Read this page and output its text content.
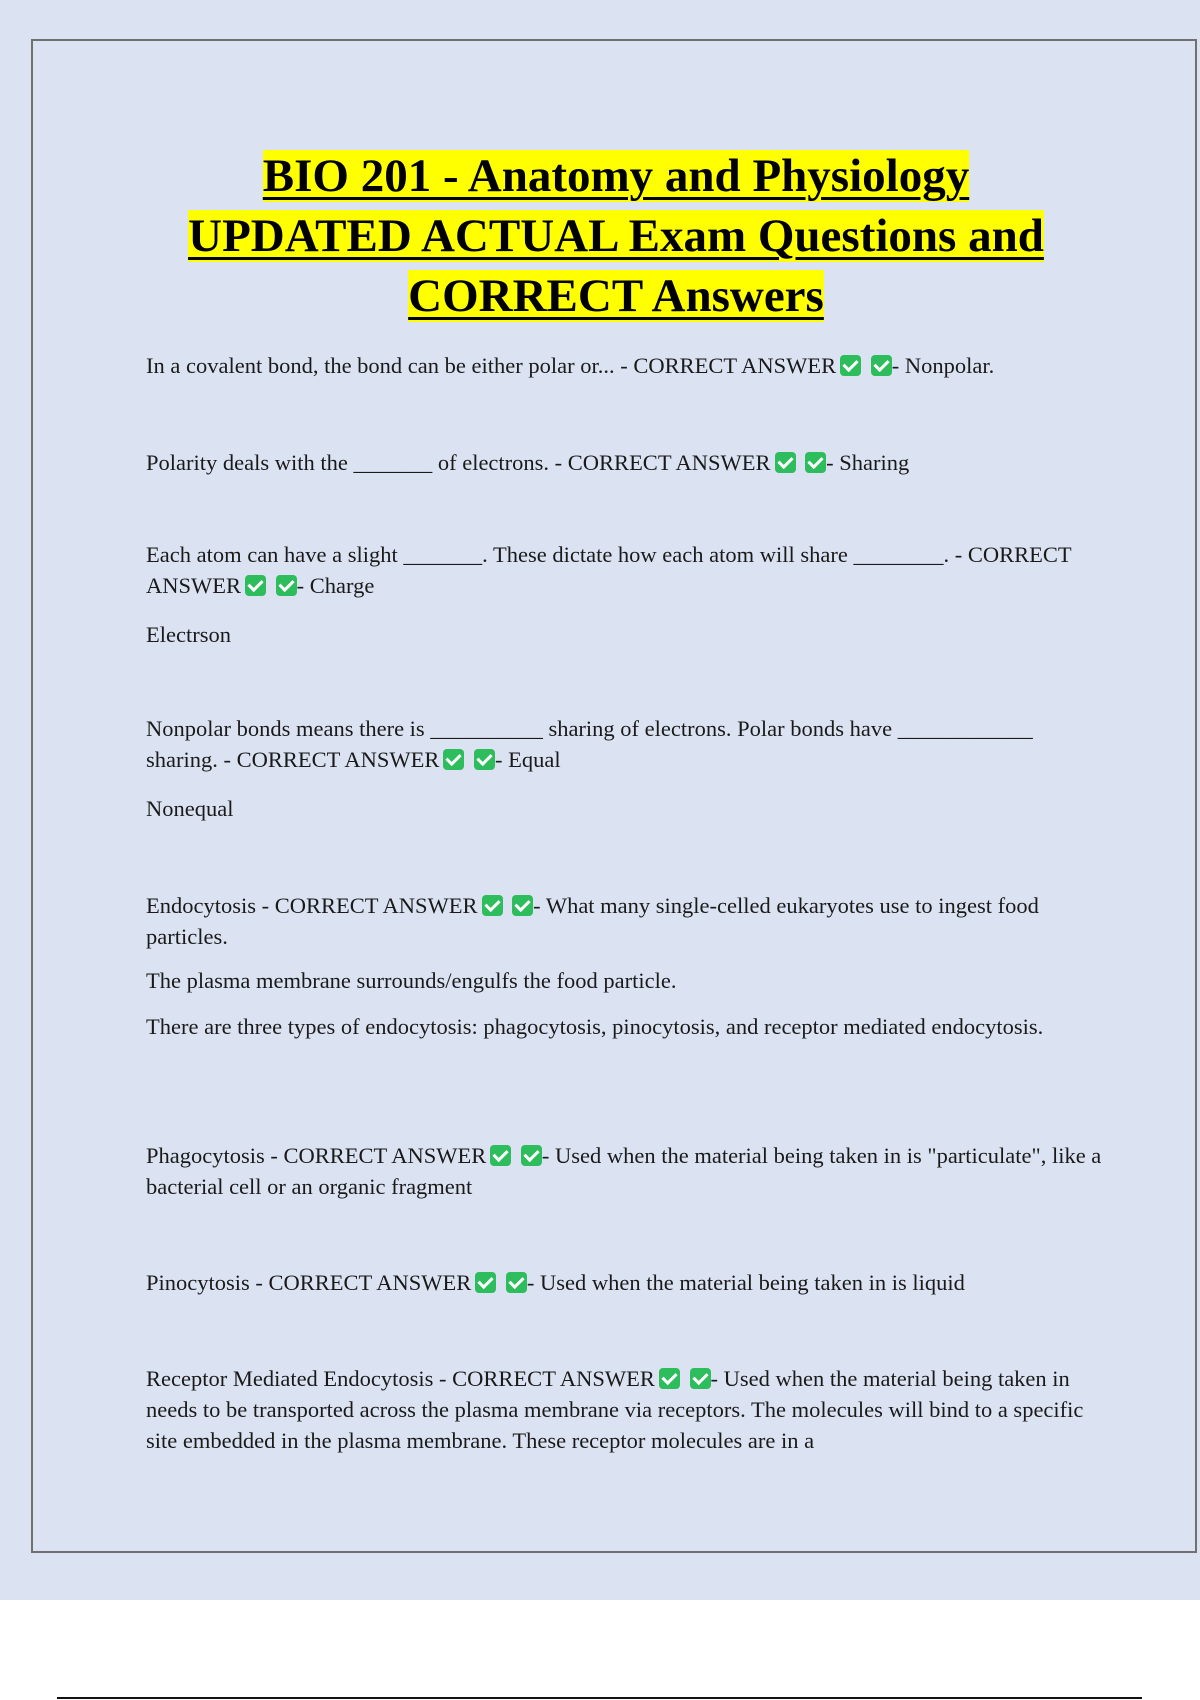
BIO 201 - Anatomy and Physiology
UPDATED ACTUAL Exam Questions and
CORRECT Answers

In a covalent bond, the bond can be either polar or... - CORRECT ANSWER - Nonpolar.

Polarity deals with the _______ of electrons. - CORRECT ANSWER - Sharing

Each atom can have a slight _______. These dictate how each atom will share ________. - CORRECT ANSWER - Charge

Electrson

Nonpolar bonds means there is __________ sharing of electrons. Polar bonds have ____________ sharing. - CORRECT ANSWER - Equal

Nonequal

Endocytosis - CORRECT ANSWER - What many single-celled eukaryotes use to ingest food particles.

The plasma membrane surrounds/engulfs the food particle.

There are three types of endocytosis: phagocytosis, pinocytosis, and receptor mediated endocytosis.

Phagocytosis - CORRECT ANSWER - Used when the material being taken in is "particulate", like a bacterial cell or an organic fragment

Pinocytosis - CORRECT ANSWER - Used when the material being taken in is liquid

Receptor Mediated Endocytosis - CORRECT ANSWER - Used when the material being taken in needs to be transported across the plasma membrane via receptors. The molecules will bind to a specific site embedded in the plasma membrane. These receptor molecules are in a
